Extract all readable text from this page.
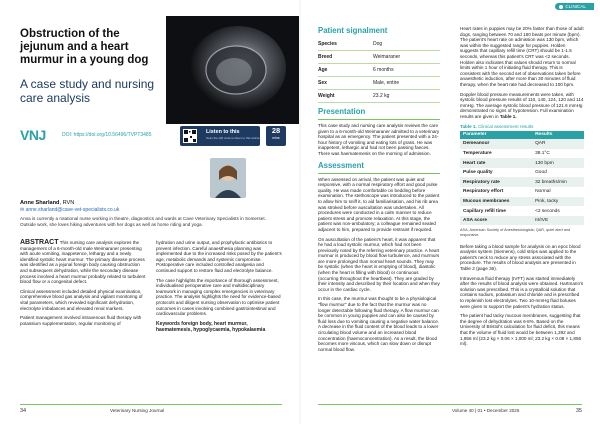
Obstruction of the jejunum and a heart murmur in a young dog
A case study and nursing care analysis
VNJ	DOI: https://doi.org/10.56496/TVPT3485	Listen to this
Scan the QR code to listen to this article
28
mins
Anne Sharland, RVN
✉ anne.sharland@cave-vet-specialists.co.uk
Anna is currently a rotational nurse working in theatre, diagnostics and wards at Cave Veterinary Specialists in Somerset. Outside work, she loves hiking adventures with her dogs as well as horse riding and yoga.

ABSTRACT This nursing care analysis explores the management of a 6-month-old male Weimaraner presenting with acute vomiting, inappetence, lethargy and a newly identified systolic heart murmur. The primary disease process was identified as a jejunal foreign body causing obstruction and subsequent dehydration, while the secondary disease process involved a heart murmur probably related to turbulent blood flow or a congenital defect.

Clinical assessment included detailed physical examination, comprehensive blood gas analysis and vigilant monitoring of vital parameters, which revealed significant dehydration, electrolyte imbalances and elevated renal markers.

Patient management involved intravenous fluid therapy with potassium supplementation, regular monitoring of

hydration and urine output, and prophylactic antibiotics to prevent infection. Careful anaesthesia planning was implemented due to the increased risks posed by the patient's age, metabolic demands and systemic compromise. Postoperative care included controlled analgesia and continued support to restore fluid and electrolyte balance.

The case highlights the importance of thorough assessment, individualised perioperative care and multidisciplinary teamwork in managing complex emergencies in veterinary practice. The analysis highlights the need for evidence-based protocols and diligent nursing observation to optimise patient outcomes in cases involving combined gastrointestinal and cardiovascular problems.

Keywords foreign body, heart murmur, haematemesis, hypoglycaemia, hypokalaemia

34	Veterinary Nursing Journal
CLINICAL
Patient signalment
Species	Dog
Breed	Weimaraner
Age	6 months
Sex	Male, entire
Weight	23.2 kg
Presentation

This case study and nursing care analysis reviews the care given to a 6-month-old Weimaraner admitted to a veterinary hospital as an emergency. The patient presented with a 24-hour history of vomiting and eating lots of grass. He was inappetent, lethargic and had not been passing faeces. There was haematemesis on the morning of admission.

Assessment

When assessed on arrival, the patient was quiet and responsive, with a normal respiratory effort and good pulse quality. He was made comfortable on bedding before examination. The stethoscope was introduced to the patient to allow him to sniff it, to aid familiarisation, and his rib area was stroked before auscultation was undertaken. All procedures were conducted in a calm manner to reduce patient stress and promote relaxation. At this stage, the patient was non-ambulatory; a colleague remained seated adjacent to him, prepared to provide restraint if required.

On auscultation of the patient's heart, it was apparent that he had a loud systolic murmur, which had not been previously noted by the referring veterinary practice. A heart murmur is produced by blood flow turbulence, and murmurs are more prolonged than normal heart sounds. They may be systolic (when the heart is emptying of blood), diastolic (when the heart is filling with blood) or continuous (occurring throughout the heartbeat). They are graded by their intensity and described by their location and when they occur in the cardiac cycle.

In this case, the murmur was thought to be a physiological "flow murmur" due to the fact that the murmur was no longer detectable following fluid therapy. A flow murmur can be common in young puppies and can also be caused by fluid loss due to vomiting causing a negative water balance. A decrease in the fluid content of the blood leads to a lower circulating blood volume and an increased blood concentration (haemoconcentration). As a result, the blood becomes more viscous, which can slow down or disrupt normal blood flow.

Heart rates in puppies may be 20% faster than those of adult dogs, ranging between 70 and 180 beats per minute (bpm). The patient's heart rate on admission was 130 bpm, which was within the suggested range for puppies. Holden suggests that capillary refill time (CRT) should be 1-1.5 seconds, whereas this patient's CRT was <2 seconds. Holden also indicates that values should return to normal limits within 1 hour of initiating fluid therapy. This is consistent with the second set of observations taken before anaesthetic induction, after more than 30 minutes of fluid therapy, when the heart rate had decreased to 100 bpm.

Doppler blood pressure measurements were taken, with systolic blood pressure results of 110, 140, 124, 120 and 114 mmHg. The average systolic blood pressure of 121.6 mmHg demonstrated no signs of hypotension. Full examination results are given in Table 1.

Table 1. Clinical assessment results
Parameter	Results
Demeanour	QAR
Temperature	38.1°C
Heart rate	130 bpm
Pulse quality	Good
Respiratory rate	32 breaths/min
Respiratory effort	Normal
Mucous membranes	Pink, tacky
Capillary refill time	<2 seconds
ASA score	III/IVE
ASA, American Society of Anesthesiologists; QAR, quiet alert and responsive.

Before taking a blood sample for analysis on an epoc blood analysis system (Siemens), cold strips was applied to the patient's neck to reduce any stress associated with the procedure. The results of blood analysis are presented in Table 2 (page 36).

Intravenous fluid therapy (IVFT) was started immediately after the results of blood analysis were obtained. Hartmann's solution was prescribed. This is a crystalloid solution that contains sodium, potassium and chloride and is prescribed to replenish lost electrolytes. Two 10-mmHg fluid boluses were given to support the patient's hydration status.

The patient had tacky mucous membranes, suggesting that the degree of dehydration was 6-8%. Based on the University of Bristol's calculation for fluid deficit, this means that the volume of fluid lost would be between 1,392 and 1,856 ml (23.2 kg × 0.06 × 1,000 ml; 23.2 kg × 0.08 × 1,856 ml).

Volume 40 | 01 • December 2025	35
